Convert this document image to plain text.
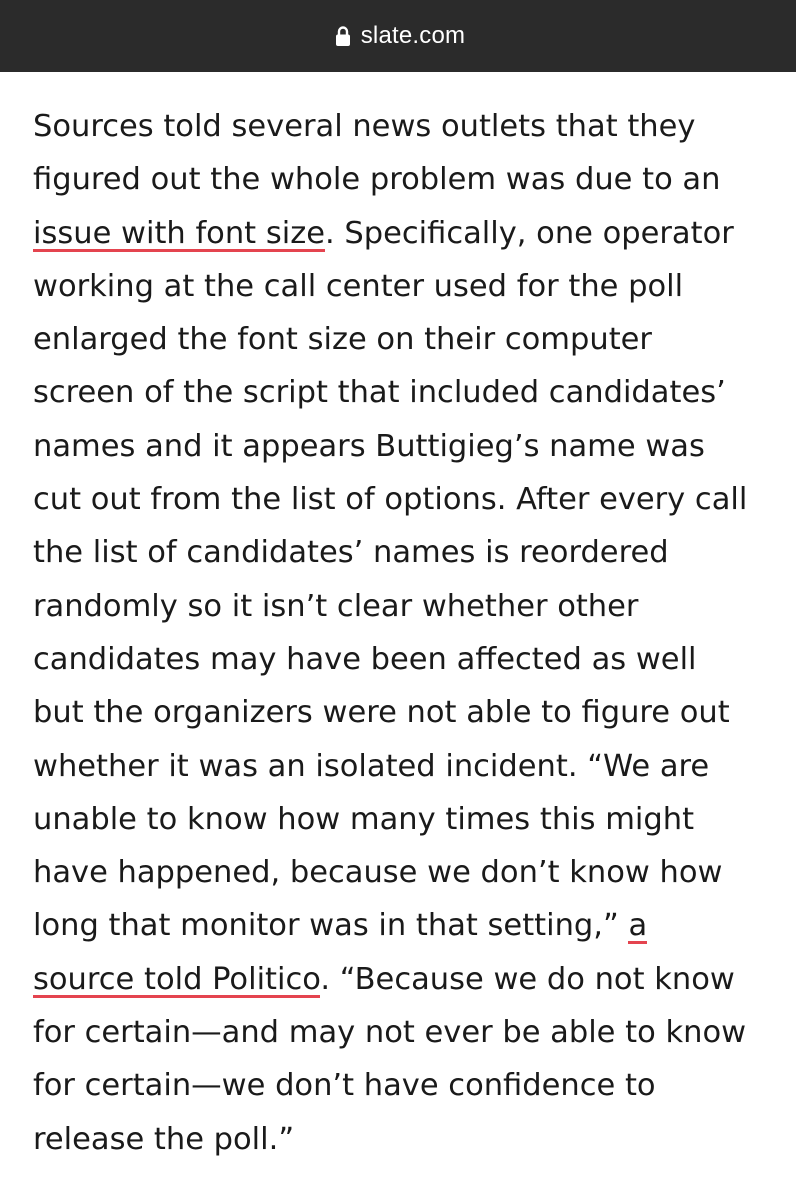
slate.com

Sources told several news outlets that they
figured out the whole problem was due to an
issue with font size. Specifically, one operator
working at the call center used for the poll
enlarged the font size on their computer
screen of the script that included candidates’
names and it appears Buttigieg’s name was
cut out from the list of options. After every call
the list of candidates’ names is reordered
randomly so it isn’t clear whether other
candidates may have been affected as well
but the organizers were not able to figure out
whether it was an isolated incident. “We are
unable to know how many times this might
have happened, because we don’t know how
long that monitor was in that setting,” a
source told Politico. “Because we do not know
for certain—and may not ever be able to know
for certain—we don’t have confidence to
release the poll.”
